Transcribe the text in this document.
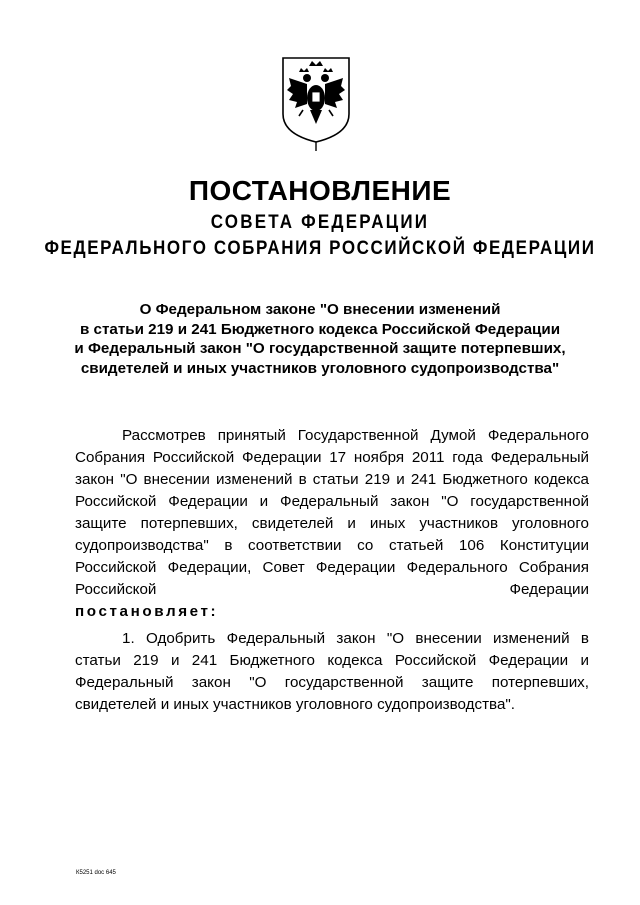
ПОСТАНОВЛЕНИЕ
СОВЕТА ФЕДЕРАЦИИ
ФЕДЕРАЛЬНОГО СОБРАНИЯ РОССИЙСКОЙ ФЕДЕРАЦИИ
О Федеральном законе "О внесении изменений
в статьи 219 и 241 Бюджетного кодекса Российской Федерации
и Федеральный закон "О государственной защите потерпевших,
свидетелей и иных участников уголовного судопроизводства"

Рассмотрев принятый Государственной Думой Федерального Собрания Российской Федерации 17 ноября 2011 года Федеральный закон "О внесении изменений в статьи 219 и 241 Бюджетного кодекса Российской Федерации и Федеральный закон "О государственной защите потерпевших, свидетелей и иных участников уголовного судопроизводства" в соответствии со статьей 106 Конституции Российской Федерации, Совет Федерации Федерального Собрания Российской Федерации

постановляет:

1. Одобрить Федеральный закон "О внесении изменений в статьи 219 и 241 Бюджетного кодекса Российской Федерации и Федеральный закон "О государственной защите потерпевших, свидетелей и иных участников уголовного судопроизводства".

К5251 doc 645
